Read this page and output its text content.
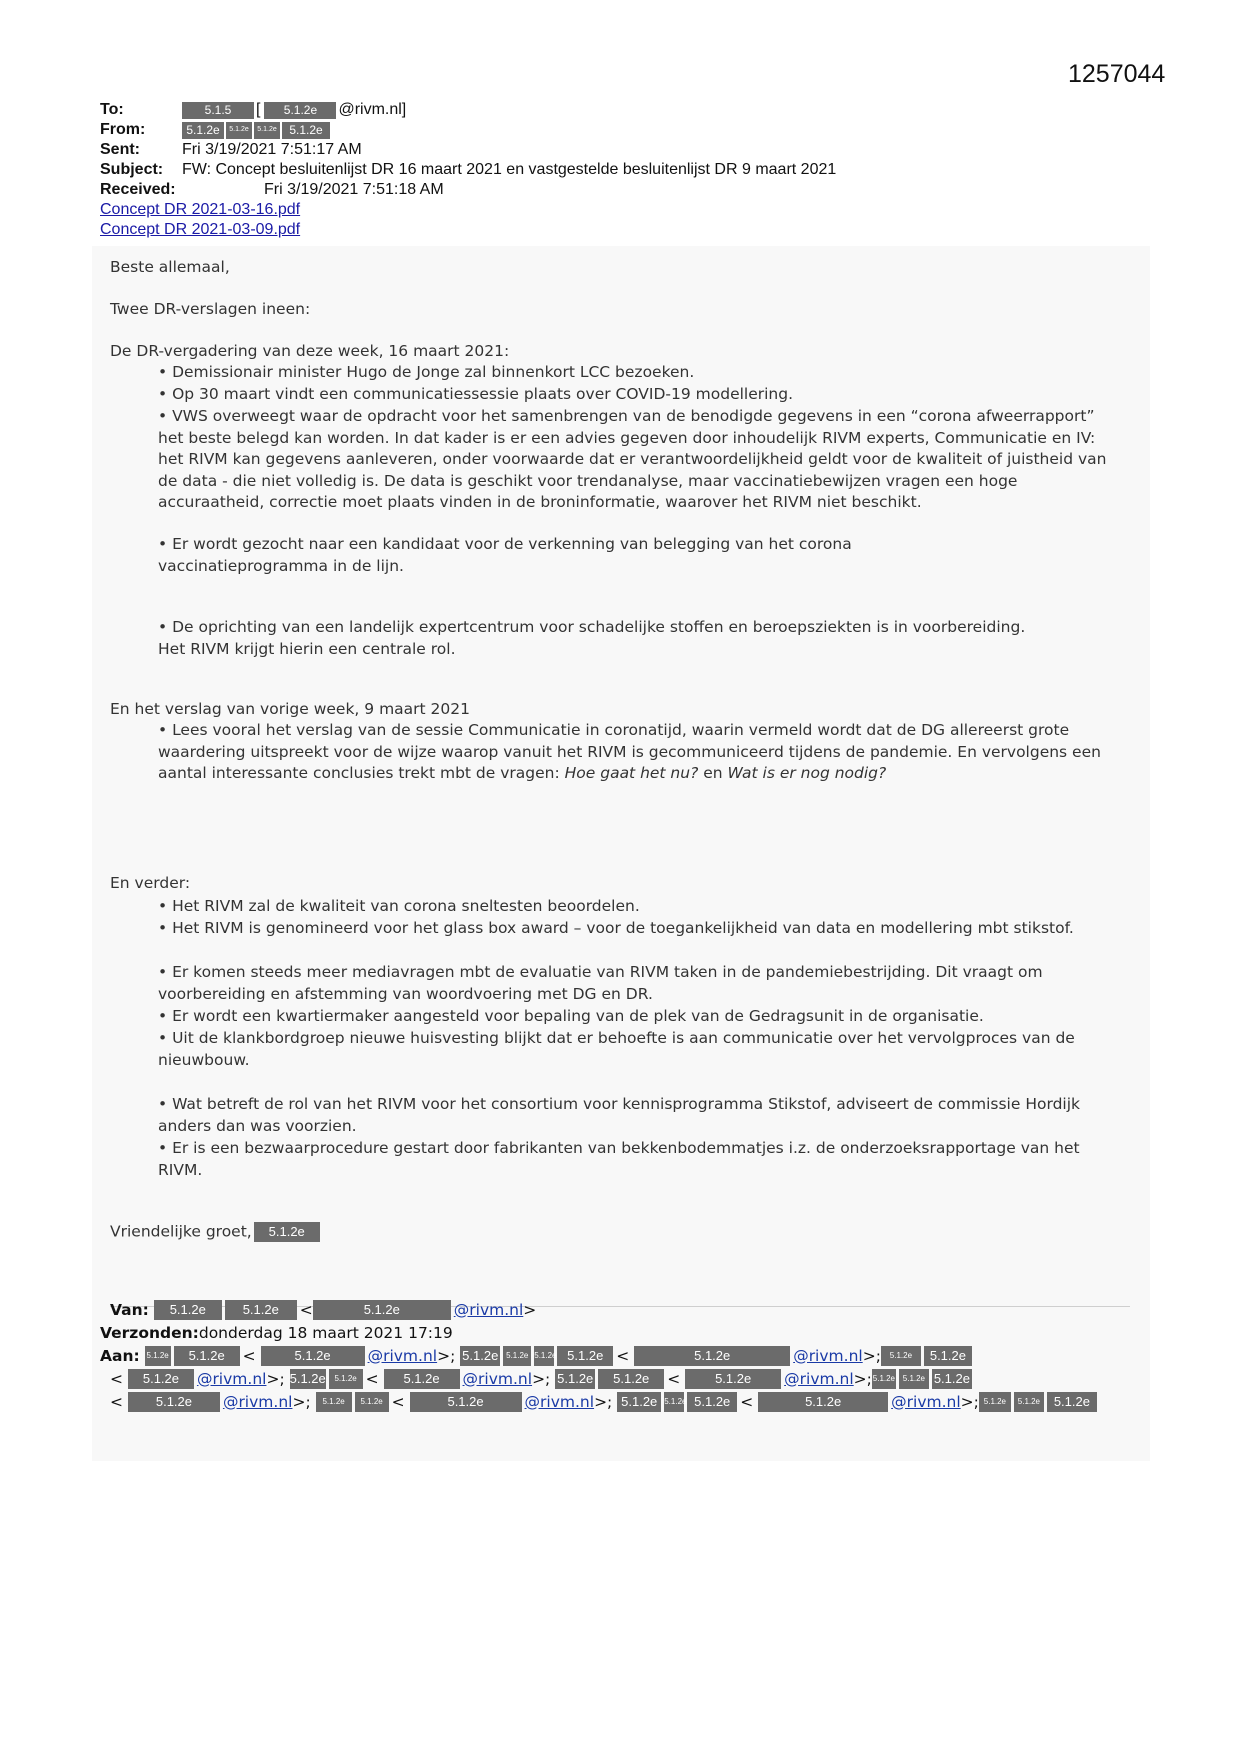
1257044
To:	5.1.5	[	5.1.2e	@rivm.nl]
From:	5.1.2e	5.1.2e	5.1.2e	5.1.2e
Sent:	Fri 3/19/2021 7:51:17 AM
Subject:	FW: Concept besluitenlijst DR 16 maart 2021 en vastgestelde besluitenlijst DR 9 maart 2021
Received:	Fri 3/19/2021 7:51:18 AM
Concept DR 2021-03-16.pdf
Concept DR 2021-03-09.pdf

Beste allemaal,

Twee DR-verslagen ineen:

De DR-vergadering van deze week, 16 maart 2021:

• Demissionair minister Hugo de Jonge zal binnenkort LCC bezoeken.
• Op 30 maart vindt een communicatiessessie plaats over COVID-19 modellering.
• VWS overweegt waar de opdracht voor het samenbrengen van de benodigde gegevens in een “corona afweerrapport” het beste belegd kan worden. In dat kader is er een advies gegeven door inhoudelijk RIVM experts, Communicatie en IV: het RIVM kan gegevens aanleveren, onder voorwaarde dat er verantwoordelijkheid geldt voor de kwaliteit of juistheid van de data - die niet volledig is. De data is geschikt voor trendanalyse, maar vaccinatiebewijzen vragen een hoge accuraatheid, correctie moet plaats vinden in de broninformatie, waarover het RIVM niet beschikt.
• Er wordt gezocht naar een kandidaat voor de verkenning van belegging van het corona vaccinatieprogramma in de lijn.
• De oprichting van een landelijk expertcentrum voor schadelijke stoffen en beroepsziekten is in voorbereiding. Het RIVM krijgt hierin een centrale rol.

En het verslag van vorige week, 9 maart 2021

• Lees vooral het verslag van de sessie Communicatie in coronatijd, waarin vermeld wordt dat de DG allereerst grote waardering uitspreekt voor de wijze waarop vanuit het RIVM is gecommuniceerd tijdens de pandemie. En vervolgens een aantal interessante conclusies trekt mbt de vragen: Hoe gaat het nu? en Wat is er nog nodig?

En verder:

• Het RIVM zal de kwaliteit van corona sneltesten beoordelen.
• Het RIVM is genomineerd voor het glass box award – voor de toegankelijkheid van data en modellering mbt stikstof.
• Er komen steeds meer mediavragen mbt de evaluatie van RIVM taken in de pandemiebestrijding. Dit vraagt om voorbereiding en afstemming van woordvoering met DG en DR.
• Er wordt een kwartiermaker aangesteld voor bepaling van de plek van de Gedragsunit in de organisatie.
• Uit de klankbordgroep nieuwe huisvesting blijkt dat er behoefte is aan communicatie over het vervolgproces van de nieuwbouw.
• Wat betreft de rol van het RIVM voor het consortium voor kennisprogramma Stikstof, adviseert de commissie Hordijk anders dan was voorzien.
• Er is een bezwaarprocedure gestart door fabrikanten van bekkenbodemmatjes i.z. de onderzoeksrapportage van het RIVM.

Vriendelijke groet, 5.1.2e

Van:
	5.1.2e	5.1.2e	<	5.1.2e	@rivm.nl >
Verzonden: donderdag 18 maart 2021 17:19
Aan:
5.1.2e	5.1.2e	<
	5.1.2e	@rivm.nl >;
5.1.2e 5.1.2e 5.1.2e 5.1.2e <
	5.1.2e	@rivm.nl >;	5.1.2e	5.1.2e
<
	5.1.2e	@rivm.nl >;
5.1.2e	5.1.2e <
	5.1.2e	@rivm.nl >;
5.1.2e	5.1.2e	<
	5.1.2e	@rivm.nl >; 5.1.2e 5.1.2e 5.1.2e
<
	5.1.2e	@rivm.nl >;
	5.1.2e	5.1.2e <
	5.1.2e	@rivm.nl >;
5.1.2e 5.1.2e 5.1.2e <
	5.1.2e	@rivm.nl >; 5.1.2e	5.1.2e	5.1.2e
